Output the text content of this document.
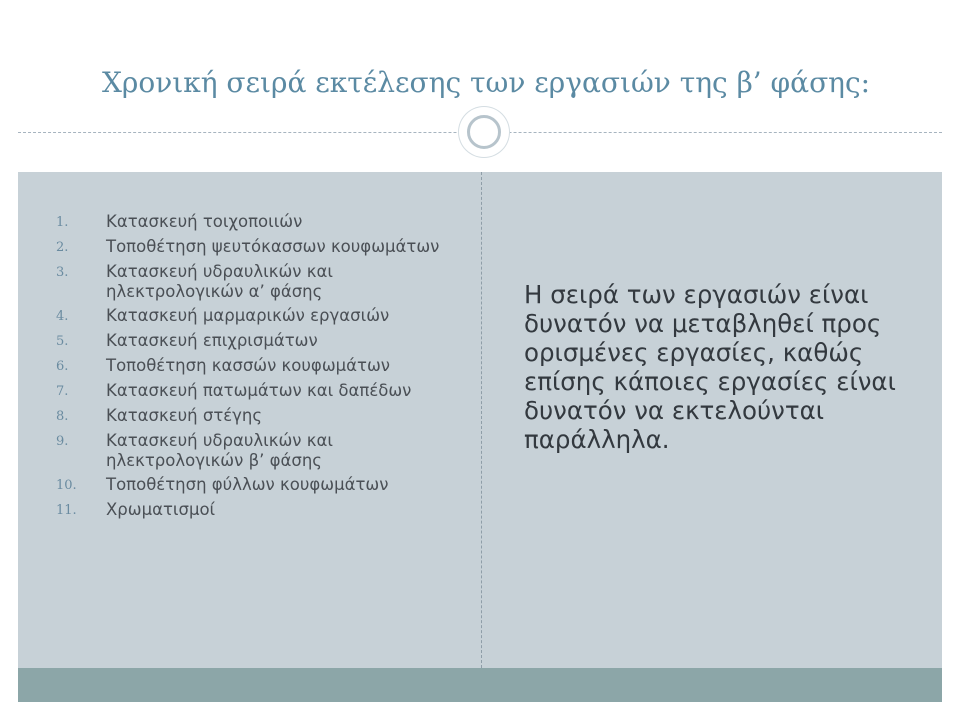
Χρονική σειρά εκτέλεσης των εργασιών της β’ φάσης:
1.	Κατασκευή τοιχοποιιών
2.	Τοποθέτηση ψευτόκασσων κουφωμάτων
3.	Κατασκευή υδραυλικών και ηλεκτρολογικών α’ φάσης
4.	Κατασκευή μαρμαρικών εργασιών
5.	Κατασκευή επιχρισμάτων
6.	Τοποθέτηση κασσών κουφωμάτων
7.	Κατασκευή πατωμάτων και δαπέδων
8.	Κατασκευή στέγης
9.	Κατασκευή υδραυλικών και ηλεκτρολογικών β’ φάσης
10.	Τοποθέτηση φύλλων κουφωμάτων
11.	Χρωματισμοί
Η σειρά των εργασιών είναι δυνατόν να μεταβληθεί προς ορισμένες εργασίες, καθώς επίσης κάποιες εργασίες είναι δυνατόν να εκτελούνται παράλληλα.
